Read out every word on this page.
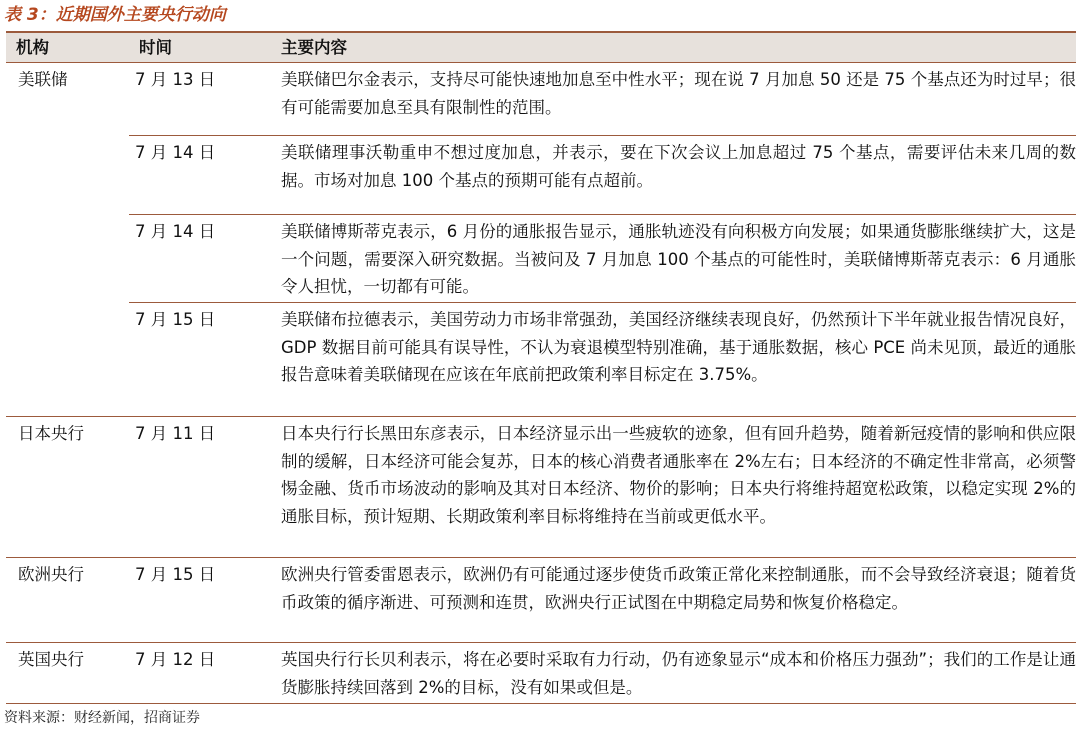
表 3：近期国外主要央行动向
机构	时间	主要内容
美联储	7 月 13 日	美联储巴尔金表示，支持尽可能快速地加息至中性水平；现在说 7 月加息 50 还是 75 个基点还为时过早；很有可能需要加息至具有限制性的范围。
7 月 14 日	美联储理事沃勒重申不想过度加息，并表示，要在下次会议上加息超过 75 个基点，需要评估未来几周的数据。市场对加息 100 个基点的预期可能有点超前。
7 月 14 日	美联储博斯蒂克表示，6 月份的通胀报告显示，通胀轨迹没有向积极方向发展；如果通货膨胀继续扩大，这是一个问题，需要深入研究数据。当被问及 7 月加息 100 个基点的可能性时，美联储博斯蒂克表示：6 月通胀令人担忧，一切都有可能。
7 月 15 日	美联储布拉德表示，美国劳动力市场非常强劲，美国经济继续表现良好，仍然预计下半年就业报告情况良好，GDP 数据目前可能具有误导性，不认为衰退模型特别准确，基于通胀数据，核心 PCE 尚未见顶，最近的通胀报告意味着美联储现在应该在年底前把政策利率目标定在 3.75%。
日本央行	7 月 11 日	日本央行行长黑田东彦表示，日本经济显示出一些疲软的迹象，但有回升趋势，随着新冠疫情的影响和供应限制的缓解，日本经济可能会复苏，日本的核心消费者通胀率在 2%左右；日本经济的不确定性非常高，必须警惕金融、货币市场波动的影响及其对日本经济、物价的影响；日本央行将维持超宽松政策，以稳定实现 2%的通胀目标，预计短期、长期政策利率目标将维持在当前或更低水平。
欧洲央行	7 月 15 日	欧洲央行管委雷恩表示，欧洲仍有可能通过逐步使货币政策正常化来控制通胀，而不会导致经济衰退；随着货币政策的循序渐进、可预测和连贯，欧洲央行正试图在中期稳定局势和恢复价格稳定。
英国央行	7 月 12 日	英国央行行长贝利表示，将在必要时采取有力行动，仍有迹象显示“成本和价格压力强劲”；我们的工作是让通货膨胀持续回落到 2%的目标，没有如果或但是。
资料来源：财经新闻，招商证券
